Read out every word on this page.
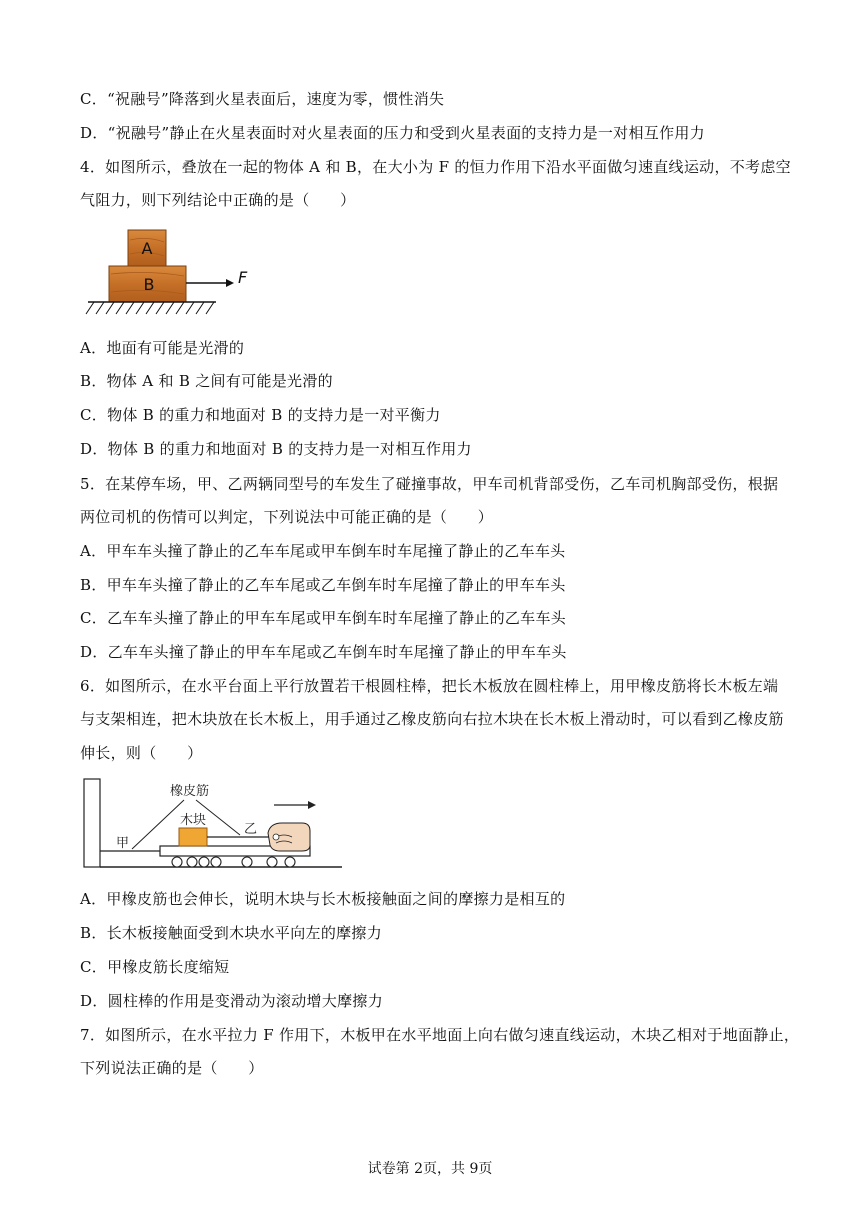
C．“祝融号”降落到火星表面后，速度为零，惯性消失
D．“祝融号”静止在火星表面时对火星表面的压力和受到火星表面的支持力是一对相互作用力
4．如图所示，叠放在一起的物体 A 和 B，在大小为 F 的恒力作用下沿水平面做匀速直线运动，不考虑空
气阻力，则下列结论中正确的是（　　）
A
B	F
A．地面有可能是光滑的
B．物体 A 和 B 之间有可能是光滑的
C．物体 B 的重力和地面对 B 的支持力是一对平衡力
D．物体 B 的重力和地面对 B 的支持力是一对相互作用力
5．在某停车场，甲、乙两辆同型号的车发生了碰撞事故，甲车司机背部受伤，乙车司机胸部受伤，根据
两位司机的伤情可以判定，下列说法中可能正确的是（　　）
A．甲车车头撞了静止的乙车车尾或甲车倒车时车尾撞了静止的乙车车头
B．甲车车头撞了静止的乙车车尾或乙车倒车时车尾撞了静止的甲车车头
C．乙车车头撞了静止的甲车车尾或甲车倒车时车尾撞了静止的乙车车头
D．乙车车头撞了静止的甲车车尾或乙车倒车时车尾撞了静止的甲车车头
6．如图所示，在水平台面上平行放置若干根圆柱棒，把长木板放在圆柱棒上，用甲橡皮筋将长木板左端
与支架相连，把木块放在长木板上，用手通过乙橡皮筋向右拉木块在长木板上滑动时，可以看到乙橡皮筋
伸长，则（　　）
甲
木块
乙
橡皮筋
A．甲橡皮筋也会伸长，说明木块与长木板接触面之间的摩擦力是相互的
B．长木板接触面受到木块水平向左的摩擦力
C．甲橡皮筋长度缩短
D．圆柱棒的作用是变滑动为滚动增大摩擦力
7．如图所示，在水平拉力 F 作用下，木板甲在水平地面上向右做匀速直线运动，木块乙相对于地面静止，
下列说法正确的是（　　）
试卷第 2页，共 9页
